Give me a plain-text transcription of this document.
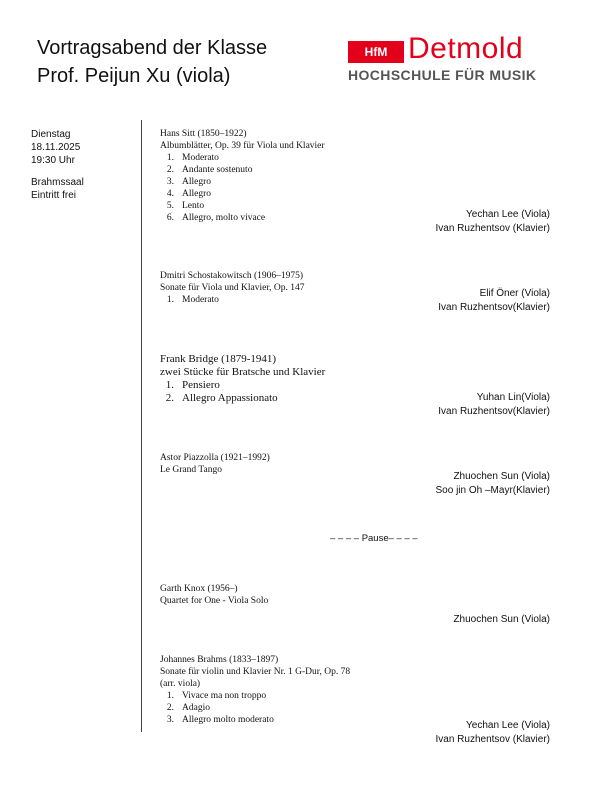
Vortragsabend der Klasse
Prof. Peijun Xu (viola)
HfM Detmold
HOCHSCHULE FÜR MUSIK
Dienstag
18.11.2025
19:30 Uhr
Brahmssaal
Eintritt frei
Hans Sitt (1850–1922)
Albumblätter, Op. 39 für Viola und Klavier
1. Moderato
2. Andante sostenuto
3. Allegro
4. Allegro
5. Lento
6. Allegro, molto vivace	Yechan Lee (Viola)
Ivan Ruzhentsov (Klavier)
Dmitri Schostakowitsch (1906–1975)
Sonate für Viola und Klavier, Op. 147
1. Moderato
Elif Öner (Viola)
Ivan Ruzhentsov(Klavier)
Frank Bridge (1879-1941)
zwei Stücke für Bratsche und Klavier
1. Pensiero
2. Allegro Appassionato	Yuhan Lin(Viola)
Ivan Ruzhentsov(Klavier)
Astor Piazzolla (1921–1992)
Le Grand Tango
Zhuochen Sun (Viola)
Soo jin Oh –Mayr(Klavier)
– – – – Pause– – – –
Garth Knox (1956–)
Quartet for One - Viola Solo
Zhuochen Sun (Viola)
Johannes Brahms (1833–1897)
Sonate für violin und Klavier Nr. 1 G-Dur, Op. 78
(arr. viola)
1. Vivace ma non troppo
2. Adagio
3. Allegro molto moderato	Yechan Lee (Viola)
Ivan Ruzhentsov (Klavier)
